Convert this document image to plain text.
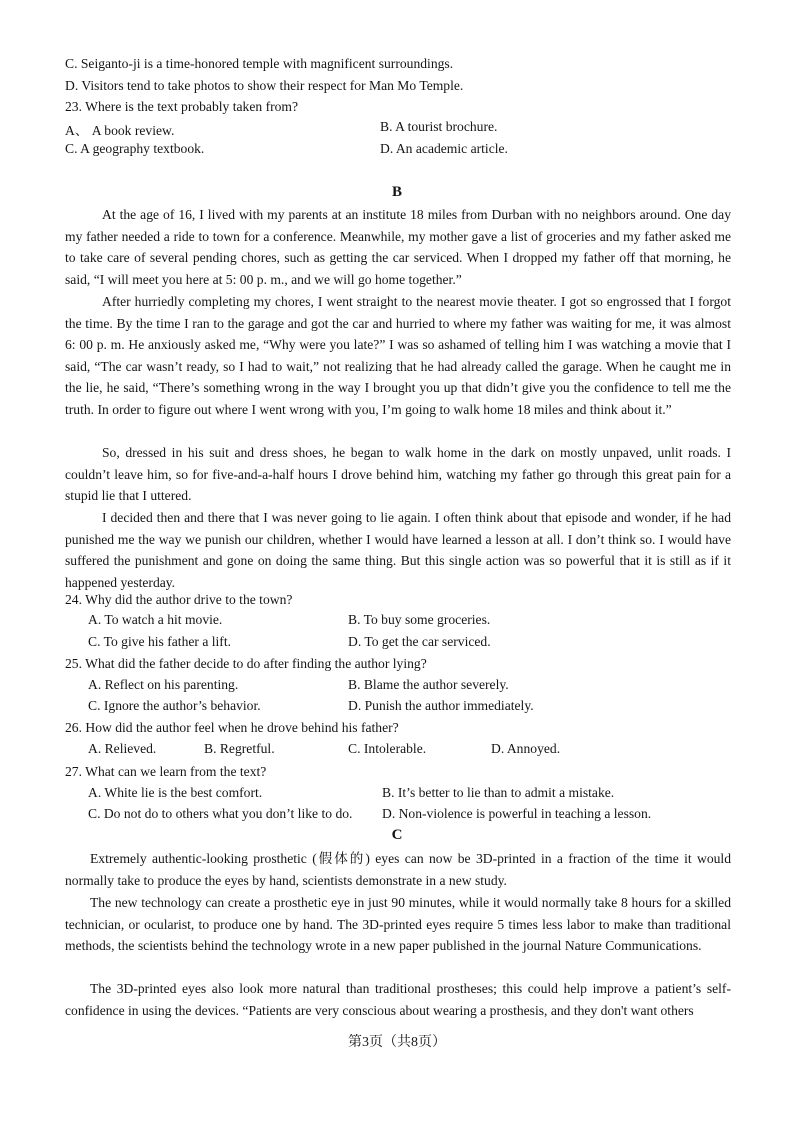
C. Seiganto-ji is a time-honored temple with magnificent surroundings.
D. Visitors tend to take photos to show their respect for Man Mo Temple.
23. Where is the text probably taken from?
A、 A book review.	B. A tourist brochure.
C. A geography textbook.	D. An academic article.
B
At the age of 16, I lived with my parents at an institute 18 miles from Durban with no neighbors around. One day my father needed a ride to town for a conference. Meanwhile, my mother gave a list of groceries and my father asked me to take care of several pending chores, such as getting the car serviced. When I dropped my father off that morning, he said, “I will meet you here at 5: 00 p. m., and we will go home together.”
After hurriedly completing my chores, I went straight to the nearest movie theater. I got so engrossed that I forgot the time. By the time I ran to the garage and got the car and hurried to where my father was waiting for me, it was almost 6: 00 p. m. He anxiously asked me, “Why were you late?” I was so ashamed of telling him I was watching a movie that I said, “The car wasn’t ready, so I had to wait,” not realizing that he had already called the garage. When he caught me in the lie, he said, “There’s something wrong in the way I brought you up that didn’t give you the confidence to tell me the truth. In order to figure out where I went wrong with you, I’m going to walk home 18 miles and think about it.”
So, dressed in his suit and dress shoes, he began to walk home in the dark on mostly unpaved, unlit roads. I couldn’t leave him, so for five-and-a-half hours I drove behind him, watching my father go through this great pain for a stupid lie that I uttered.
I decided then and there that I was never going to lie again. I often think about that episode and wonder, if he had punished me the way we punish our children, whether I would have learned a lesson at all. I don’t think so. I would have suffered the punishment and gone on doing the same thing. But this single action was so powerful that it is still as if it happened yesterday.
24. Why did the author drive to the town?
A. To watch a hit movie.	B. To buy some groceries.
C. To give his father a lift.	D. To get the car serviced.
25. What did the father decide to do after finding the author lying?
A. Reflect on his parenting.	B. Blame the author severely.
C. Ignore the author’s behavior.	D. Punish the author immediately.
26. How did the author feel when he drove behind his father?
A. Relieved.	B. Regretful.	C. Intolerable.	D. Annoyed.
27. What can we learn from the text?
A. White lie is the best comfort.	B. It’s better to lie than to admit a mistake.
C. Do not do to others what you don’t like to do. D. Non-violence is powerful in teaching a lesson.
C
Extremely authentic-looking prosthetic (假体的) eyes can now be 3D-printed in a fraction of the time it would normally take to produce the eyes by hand, scientists demonstrate in a new study.
The new technology can create a prosthetic eye in just 90 minutes, while it would normally take 8 hours for a skilled technician, or ocularist, to produce one by hand. The 3D-printed eyes require 5 times less labor to make than traditional methods, the scientists behind the technology wrote in a new paper published in the journal Nature Communications.
The 3D-printed eyes also look more natural than traditional prostheses; this could help improve a patient’s self-confidence in using the devices. “Patients are very conscious about wearing a prosthesis, and they don't want others
第3页（共8页）
